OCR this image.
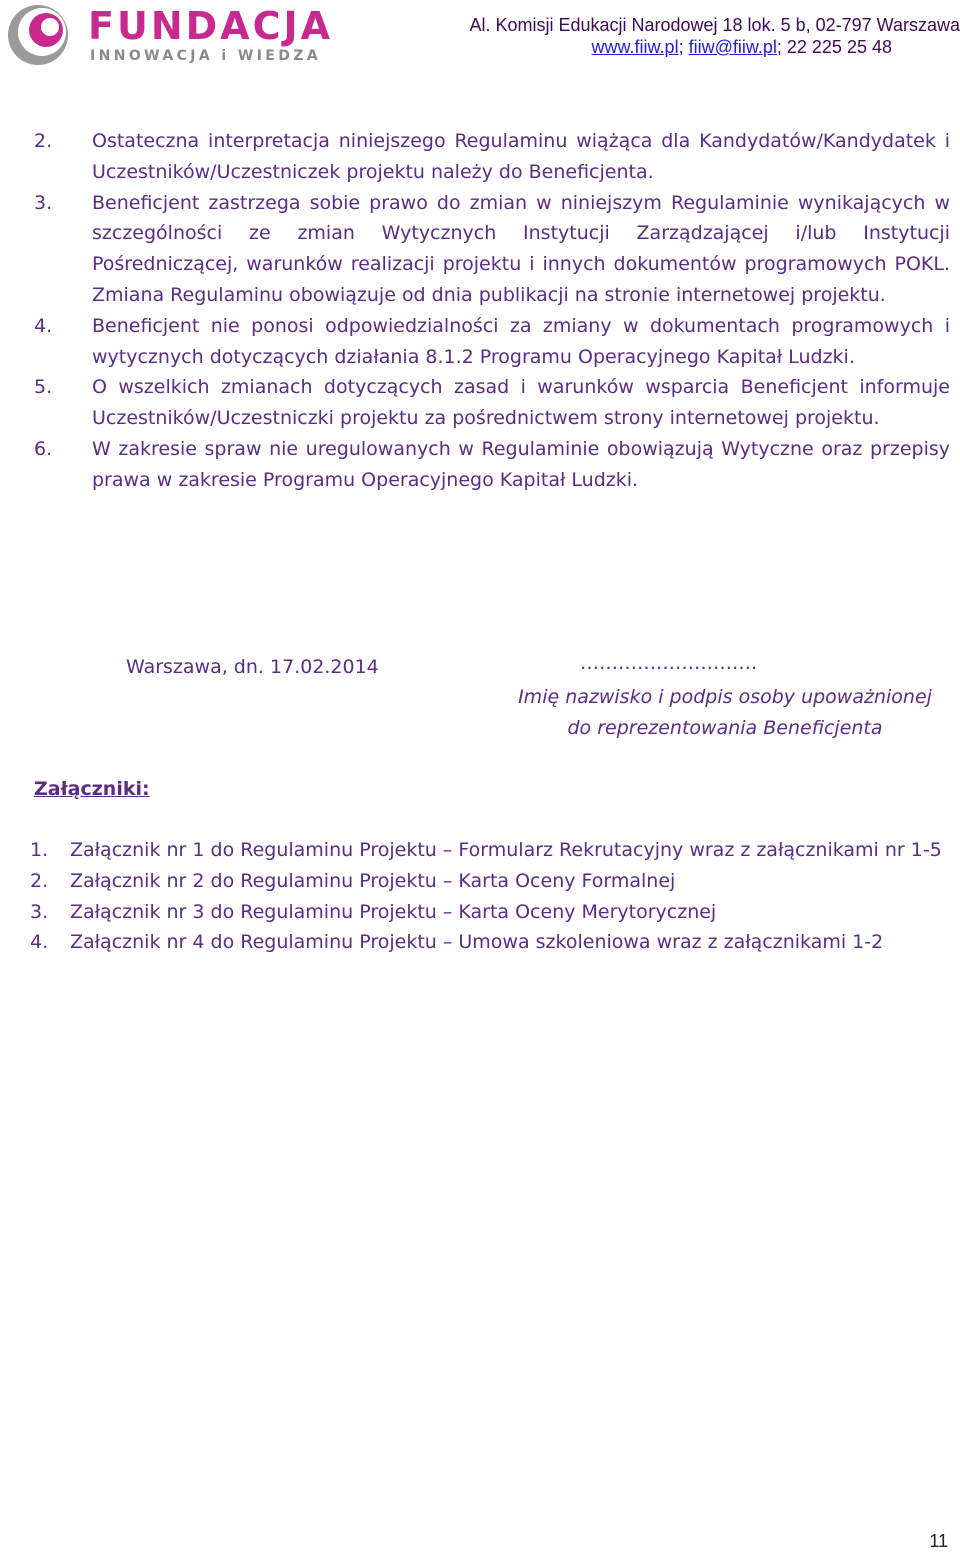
FUNDACJA
INNOWACJA i WIEDZA
Al. Komisji Edukacji Narodowej 18 lok. 5 b, 02-797 Warszawa
www.fiiw.pl; fiiw@fiiw.pl; 22 225 25 48
2. Ostateczna interpretacja niniejszego Regulaminu wiążąca dla Kandydatów/Kandydatek i Uczestników/Uczestniczek projektu należy do Beneficjenta.
3. Beneficjent zastrzega sobie prawo do zmian w niniejszym Regulaminie wynikających w szczególności ze zmian Wytycznych Instytucji Zarządzającej i/lub Instytucji Pośredniczącej, warunków realizacji projektu i innych dokumentów programowych POKL. Zmiana Regulaminu obowiązuje od dnia publikacji na stronie internetowej projektu.
4. Beneficjent nie ponosi odpowiedzialności za zmiany w dokumentach programowych i wytycznych dotyczących działania 8.1.2 Programu Operacyjnego Kapitał Ludzki.
5. O wszelkich zmianach dotyczących zasad i warunków wsparcia Beneficjent informuje Uczestników/Uczestniczki projektu za pośrednictwem strony internetowej projektu.
6. W zakresie spraw nie uregulowanych w Regulaminie obowiązują Wytyczne oraz przepisy prawa w zakresie Programu Operacyjnego Kapitał Ludzki.
Warszawa, dn. 17.02.2014	……………………….
Imię nazwisko i podpis osoby upoważnionej
do reprezentowania Beneficjenta
Załączniki:
1. Załącznik nr 1 do Regulaminu Projektu – Formularz Rekrutacyjny wraz z załącznikami nr 1-5
2. Załącznik nr 2 do Regulaminu Projektu – Karta Oceny Formalnej
3. Załącznik nr 3 do Regulaminu Projektu – Karta Oceny Merytorycznej
4. Załącznik nr 4 do Regulaminu Projektu – Umowa szkoleniowa wraz z załącznikami 1-2
11
